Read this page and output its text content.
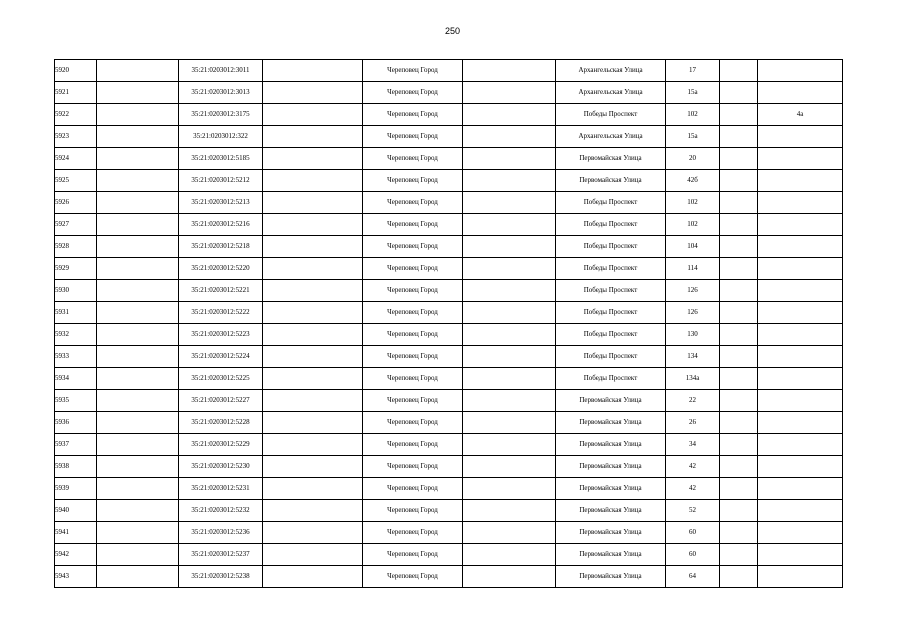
250
5920		35:21:0203012:3011		Череповец Город		Архангельская Улица	17		
5921		35:21:0203012:3013		Череповец Город		Архангельская Улица	15а		
5922		35:21:0203012:3175		Череповец Город		Победы Проспект	102		4а
5923		35:21:0203012:322		Череповец Город		Архангельская Улица	15а		
5924		35:21:0203012:5185		Череповец Город		Первомайская Улица	20		
5925		35:21:0203012:5212		Череповец Город		Первомайская Улица	42б		
5926		35:21:0203012:5213		Череповец Город		Победы Проспект	102		
5927		35:21:0203012:5216		Череповец Город		Победы Проспект	102		
5928		35:21:0203012:5218		Череповец Город		Победы Проспект	104		
5929		35:21:0203012:5220		Череповец Город		Победы Проспект	114		
5930		35:21:0203012:5221		Череповец Город		Победы Проспект	126		
5931		35:21:0203012:5222		Череповец Город		Победы Проспект	126		
5932		35:21:0203012:5223		Череповец Город		Победы Проспект	130		
5933		35:21:0203012:5224		Череповец Город		Победы Проспект	134		
5934		35:21:0203012:5225		Череповец Город		Победы Проспект	134а		
5935		35:21:0203012:5227		Череповец Город		Первомайская Улица	22		
5936		35:21:0203012:5228		Череповец Город		Первомайская Улица	26		
5937		35:21:0203012:5229		Череповец Город		Первомайская Улица	34		
5938		35:21:0203012:5230		Череповец Город		Первомайская Улица	42		
5939		35:21:0203012:5231		Череповец Город		Первомайская Улица	42		
5940		35:21:0203012:5232		Череповец Город		Первомайская Улица	52		
5941		35:21:0203012:5236		Череповец Город		Первомайская Улица	60		
5942		35:21:0203012:5237		Череповец Город		Первомайская Улица	60		
5943		35:21:0203012:5238		Череповец Город		Первомайская Улица	64		
